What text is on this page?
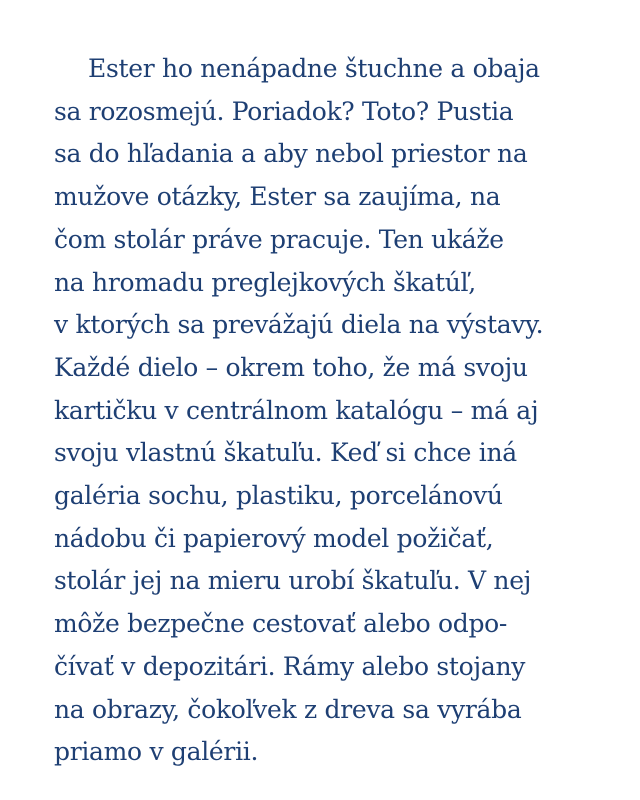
Ester ho nenápadne štuchne a obaja
sa rozosmejú. Poriadok? Toto? Pustia
sa do hľadania a aby nebol priestor na
mužove otázky, Ester sa zaujíma, na
čom stolár práve pracuje. Ten ukáže
na hromadu preglejkových škatúľ,
v ktorých sa prevážajú diela na výstavy.
Každé dielo – okrem toho, že má svoju
kartičku v centrálnom katalógu – má aj
svoju vlastnú škatuľu. Keď si chce iná
galéria sochu, plastiku, porcelánovú
nádobu či papierový model požičať,
stolár jej na mieru urobí škatuľu. V nej
môže bezpečne cestovať alebo odpo-
čívať v depozitári. Rámy alebo stojany
na obrazy, čokoľvek z dreva sa vyrába
priamo v galérii.
